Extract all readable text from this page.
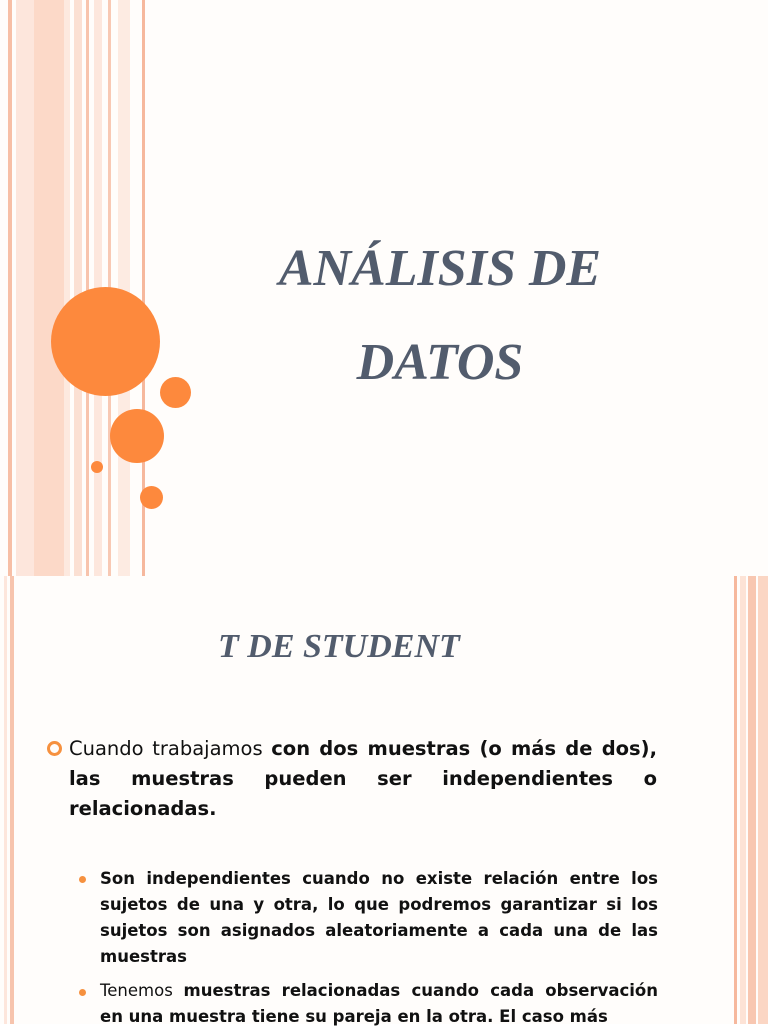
ANÁLISIS DE DATOS
T DE STUDENT

Cuando trabajamos con dos muestras (o más de dos), las muestras pueden ser independientes o relacionadas.

Son independientes cuando no existe relación entre los sujetos de una y otra, lo que podremos garantizar si los sujetos son asignados aleatoriamente a cada una de las muestras

Tenemos muestras relacionadas cuando cada observación en una muestra tiene su pareja en la otra. El caso más
